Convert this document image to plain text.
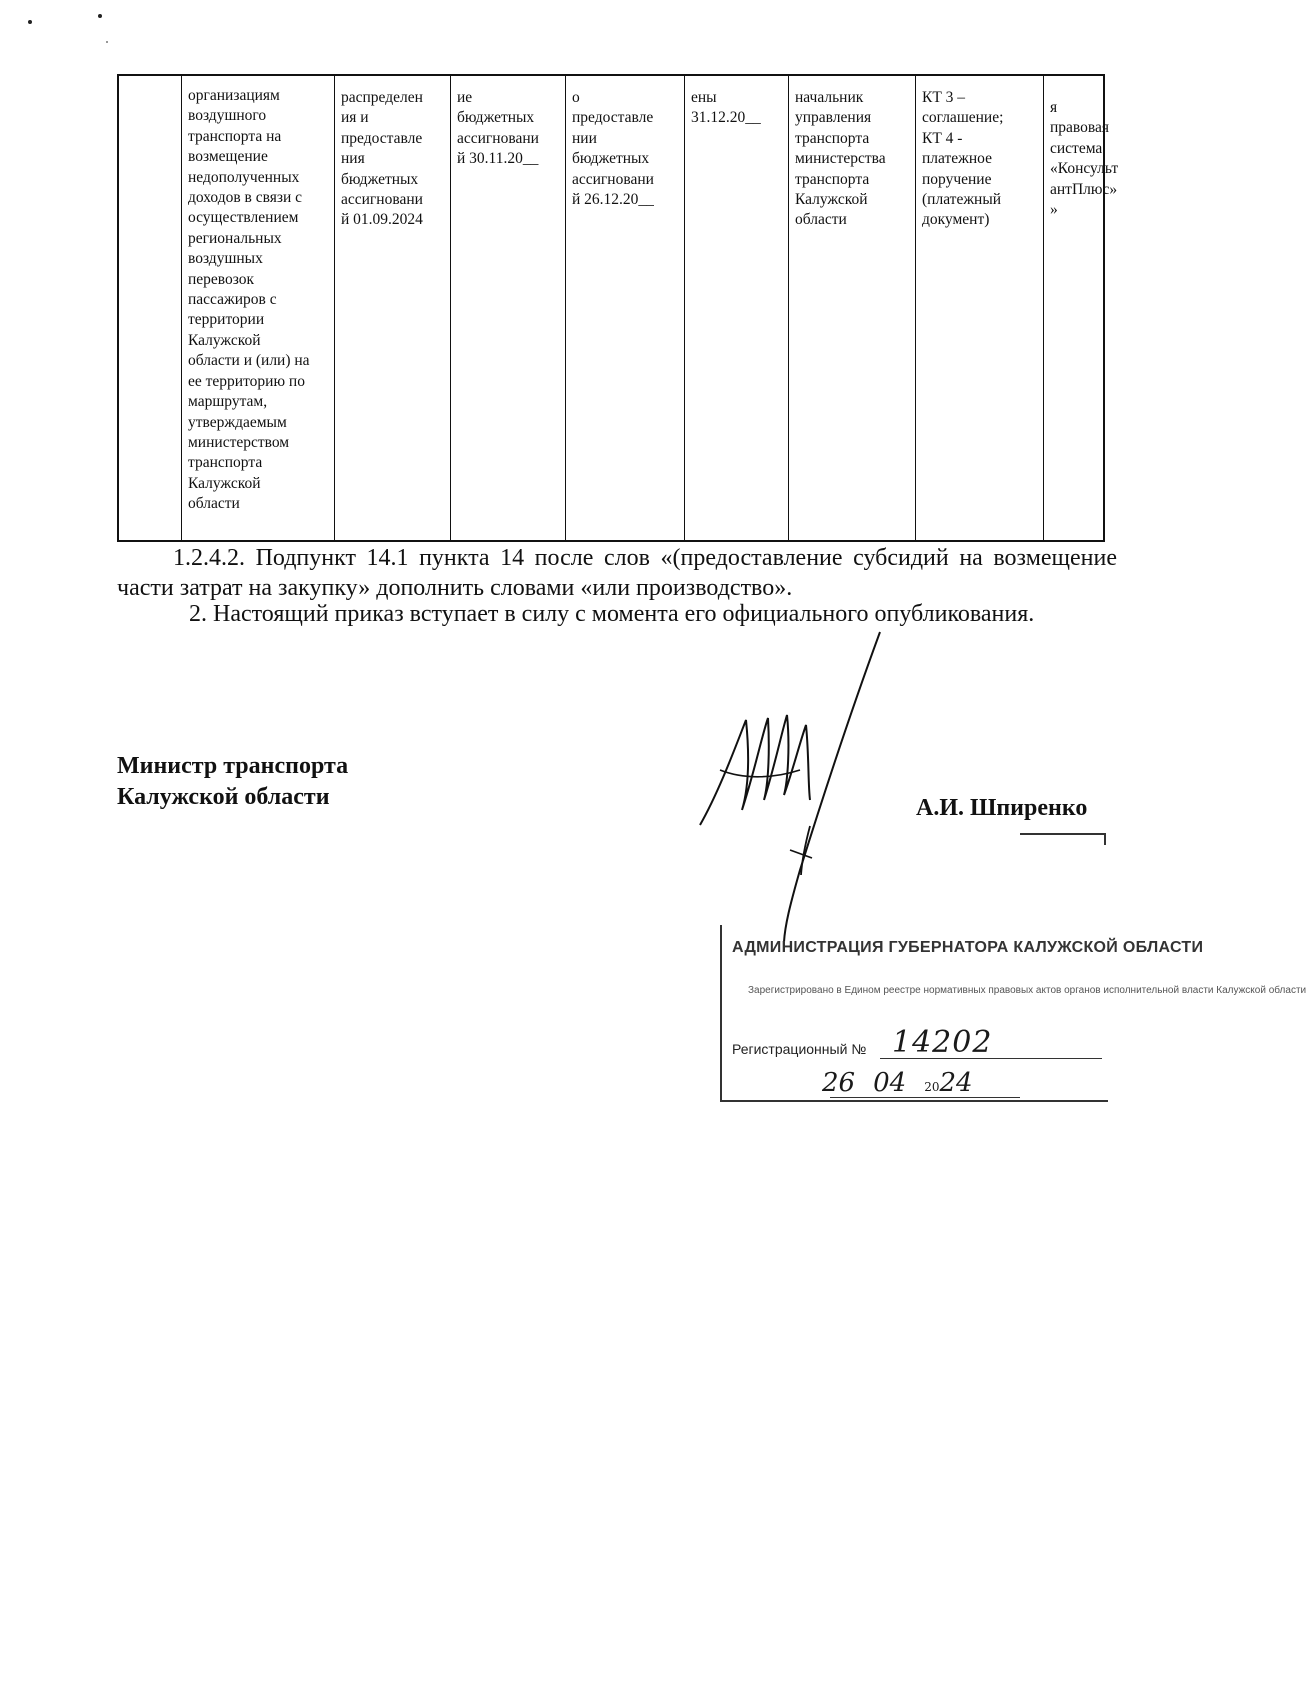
организациям
воздушного
транспорта на
возмещение
недополученных
доходов в связи с
осуществлением
региональных
воздушных
перевозок
пассажиров с
территории
Калужской
области и (или) на
ее территорию по
маршрутам,
утверждаемым
министерством
транспорта
Калужской
области
распределен
ия и
предоставле
ния
бюджетных
ассигновани
й 01.09.2024
ие
бюджетных
ассигновани
й 30.11.20__
о
предоставле
нии
бюджетных
ассигновани
й 26.12.20__
ены
31.12.20__
начальник
управления
транспорта
министерства
транспорта
Калужской
области
КТ 3 –
соглашение;
КТ 4 -
платежное
поручение
(платежный
документ)
я правовая
система
«Консульт
антПлюс»
»
1.2.4.2. Подпункт 14.1 пункта 14 после слов «(предоставление субсидий на возмещение части затрат на закупку» дополнить словами «или производство».
2. Настоящий приказ вступает в силу с момента его официального опубликования.
Министр транспорта
Калужской области	А.И. Шпиренко
АДМИНИСТРАЦИЯ ГУБЕРНАТОРА КАЛУЖСКОЙ ОБЛАСТИ
Зарегистрировано в Едином реестре нормативных правовых актов органов исполнительной власти Калужской области
Регистрационный № 14202
26 04 2024
